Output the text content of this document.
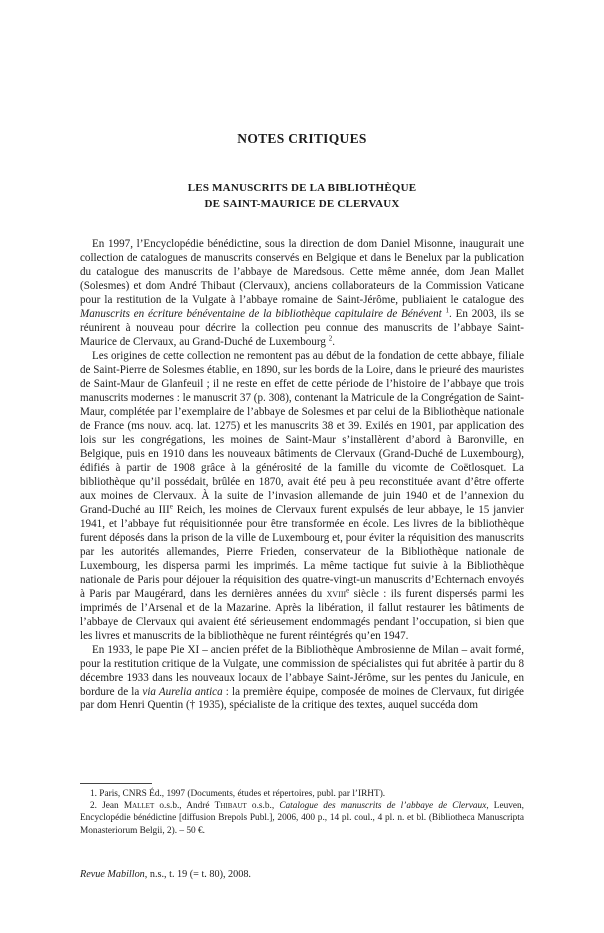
NOTES CRITIQUES
LES MANUSCRITS DE LA BIBLIOTHÈQUE
DE SAINT-MAURICE DE CLERVAUX

En 1997, l’Encyclopédie bénédictine, sous la direction de dom Daniel Misonne, inaugurait une collection de catalogues de manuscrits conservés en Belgique et dans le Benelux par la publication du catalogue des manuscrits de l’abbaye de Maredsous. Cette même année, dom Jean Mallet (Solesmes) et dom André Thibaut (Clervaux), anciens collaborateurs de la Commission Vaticane pour la restitution de la Vulgate à l’abbaye romaine de Saint-Jérôme, publiaient le catalogue des Manuscrits en écriture bénéventaine de la bibliothèque capitulaire de Bénévent $^1$. En 2003, ils se réunirent à nouveau pour décrire la collection peu connue des manuscrits de l’abbaye Saint-Maurice de Clervaux, au Grand-Duché de Luxembourg $^2$.

Les origines de cette collection ne remontent pas au début de la fondation de cette abbaye, filiale de Saint-Pierre de Solesmes établie, en 1890, sur les bords de la Loire, dans le prieuré des mauristes de Saint-Maur de Glanfeuil ; il ne reste en effet de cette période de l’histoire de l’abbaye que trois manuscrits modernes : le manuscrit 37 (p. 308), contenant la Matricule de la Congrégation de Saint-Maur, complétée par l’exemplaire de l’abbaye de Solesmes et par celui de la Bibliothèque nationale de France (ms nouv. acq. lat. 1275) et les manuscrits 38 et 39. Exilés en 1901, par application des lois sur les congrégations, les moines de Saint-Maur s’installèrent d’abord à Baronville, en Belgique, puis en 1910 dans les nouveaux bâtiments de Clervaux (Grand-Duché de Luxembourg), édifiés à partir de 1908 grâce à la générosité de la famille du vicomte de Coëtlosquet. La bibliothèque qu’il possédait, brûlée en 1870, avait été peu à peu reconstituée avant d’être offerte aux moines de Clervaux. À la suite de l’invasion allemande de juin 1940 et de l’annexion du Grand-Duché au IIIe Reich, les moines de Clervaux furent expulsés de leur abbaye, le 15 janvier 1941, et l’abbaye fut réquisitionnée pour être transformée en école. Les livres de la bibliothèque furent déposés dans la prison de la ville de Luxembourg et, pour éviter la réquisition des manuscrits par les autorités allemandes, Pierre Frieden, conservateur de la Bibliothèque nationale de Luxembourg, les dispersa parmi les imprimés. La même tactique fut suivie à la Bibliothèque nationale de Paris pour déjouer la réquisition des quatre-vingt-un manuscrits d’Echternach envoyés à Paris par Maugérard, dans les dernières années du xviii$^e$ siècle : ils furent dispersés parmi les imprimés de l’Arsenal et de la Mazarine. Après la libération, il fallut restaurer les bâtiments de l’abbaye de Clervaux qui avaient été sérieusement endommagés pendant l’occupation, si bien que les livres et manuscrits de la bibliothèque ne furent réintégrés qu’en 1947.

En 1933, le pape Pie XI – ancien préfet de la Bibliothèque Ambrosienne de Milan – avait formé, pour la restitution critique de la Vulgate, une commission de spécialistes qui fut abritée à partir du 8 décembre 1933 dans les nouveaux locaux de l’abbaye Saint-Jérôme, sur les pentes du Janicule, en bordure de la via Aurelia antica : la première équipe, composée de moines de Clervaux, fut dirigée par dom Henri Quentin († 1935), spécialiste de la critique des textes, auquel succéda dom

1. Paris, CNRS Éd., 1997 (Documents, études et répertoires, publ. par l’IRHT).

2. Jean Mallet o.s.b., André Thibaut o.s.b., Catalogue des manuscrits de l’abbaye de Clervaux, Leuven, Encyclopédie bénédictine [diffusion Brepols Publ.], 2006, 400 p., 14 pl. coul., 4 pl. n. et bl. (Bibliotheca Manuscripta Monasteriorum Belgii, 2). – 50 €.

Revue Mabillon, n.s., t. 19 (= t. 80), 2008.
